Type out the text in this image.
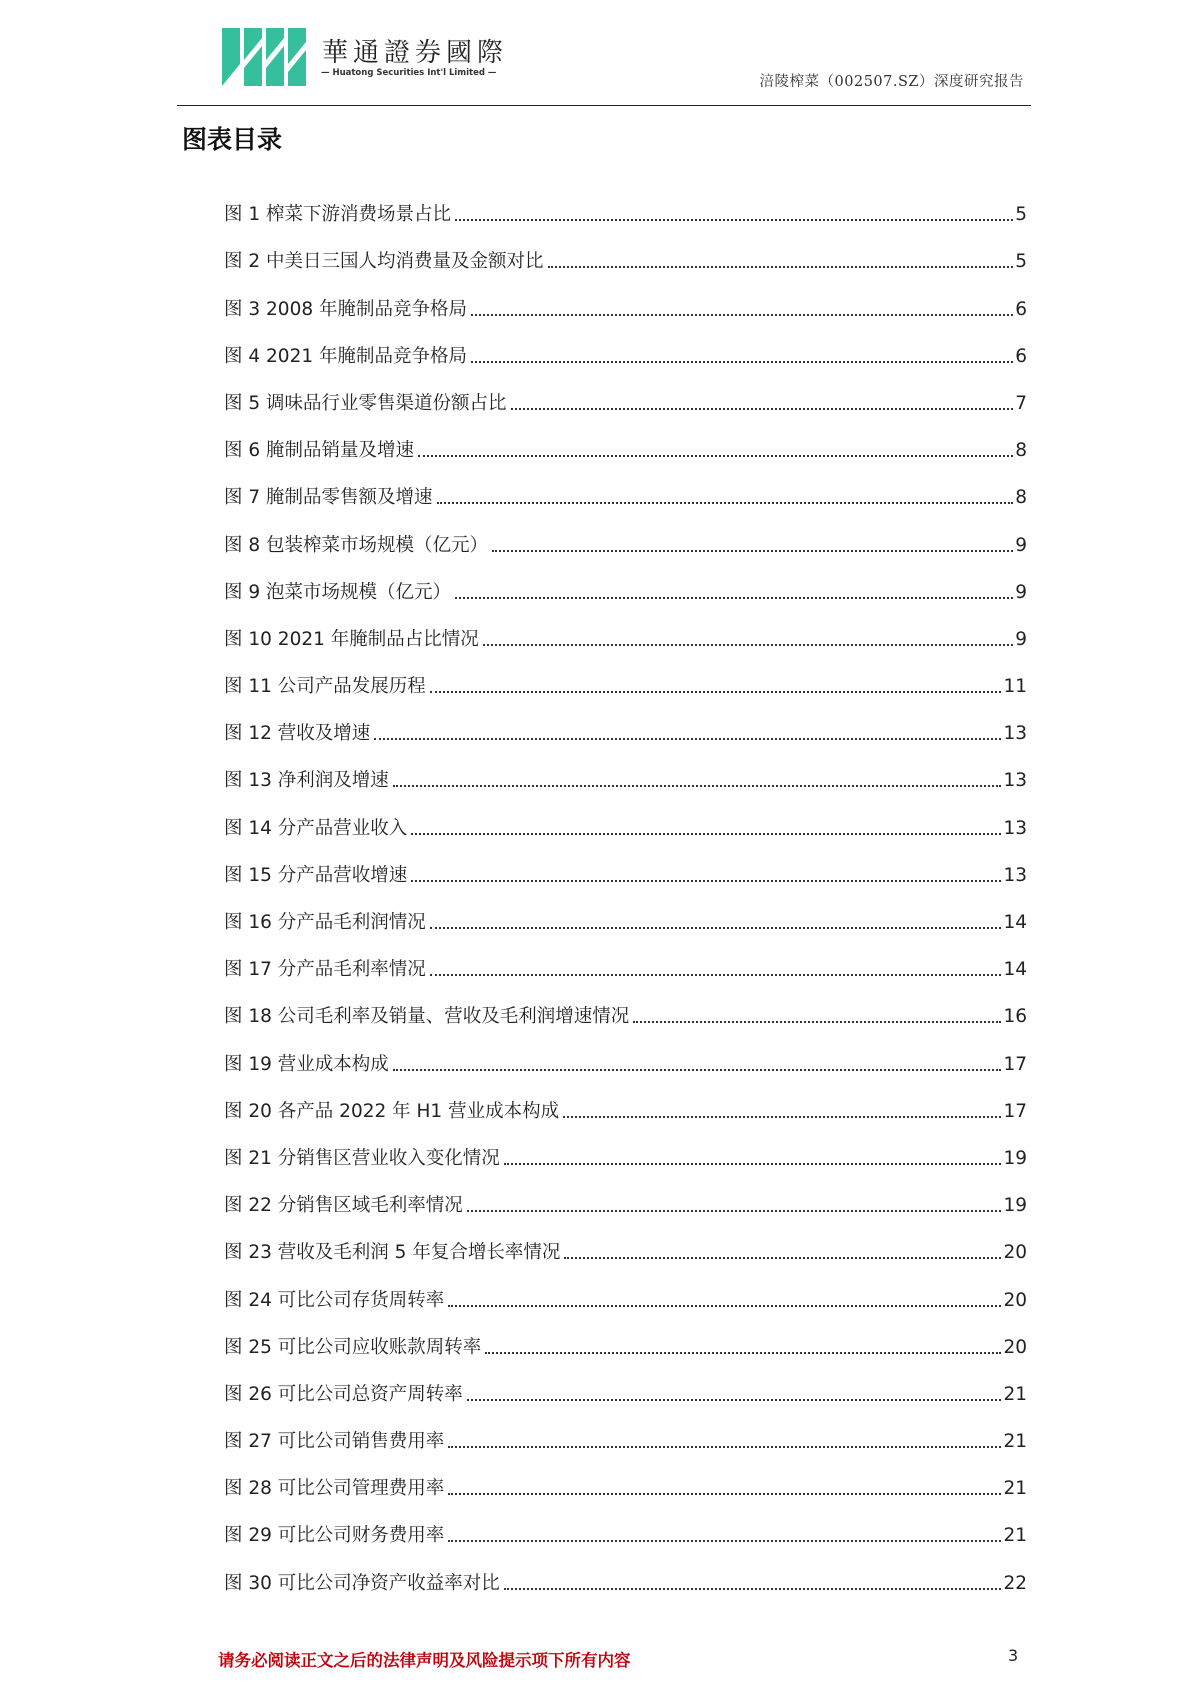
華通證券國際
— Huatong Securities Int'l Limited —
涪陵榨菜（002507.SZ）深度研究报告
图表目录
图 1 榨菜下游消费场景占比	5
图 2 中美日三国人均消费量及金额对比	5
图 3 2008 年腌制品竞争格局	6
图 4 2021 年腌制品竞争格局	6
图 5 调味品行业零售渠道份额占比	7
图 6 腌制品销量及增速	8
图 7 腌制品零售额及增速	8
图 8 包装榨菜市场规模（亿元）	9
图 9 泡菜市场规模（亿元）	9
图 10 2021 年腌制品占比情况	9
图 11 公司产品发展历程	11
图 12 营收及增速	13
图 13 净利润及增速	13
图 14 分产品营业收入	13
图 15 分产品营收增速	13
图 16 分产品毛利润情况	14
图 17 分产品毛利率情况	14
图 18 公司毛利率及销量、营收及毛利润增速情况	16
图 19 营业成本构成	17
图 20 各产品 2022 年 H1 营业成本构成	17
图 21 分销售区营业收入变化情况	19
图 22 分销售区域毛利率情况	19
图 23 营收及毛利润 5 年复合增长率情况	20
图 24 可比公司存货周转率	20
图 25 可比公司应收账款周转率	20
图 26 可比公司总资产周转率	21
图 27 可比公司销售费用率	21
图 28 可比公司管理费用率	21
图 29 可比公司财务费用率	21
图 30 可比公司净资产收益率对比	22
请务必阅读正文之后的法律声明及风险提示项下所有内容	3
